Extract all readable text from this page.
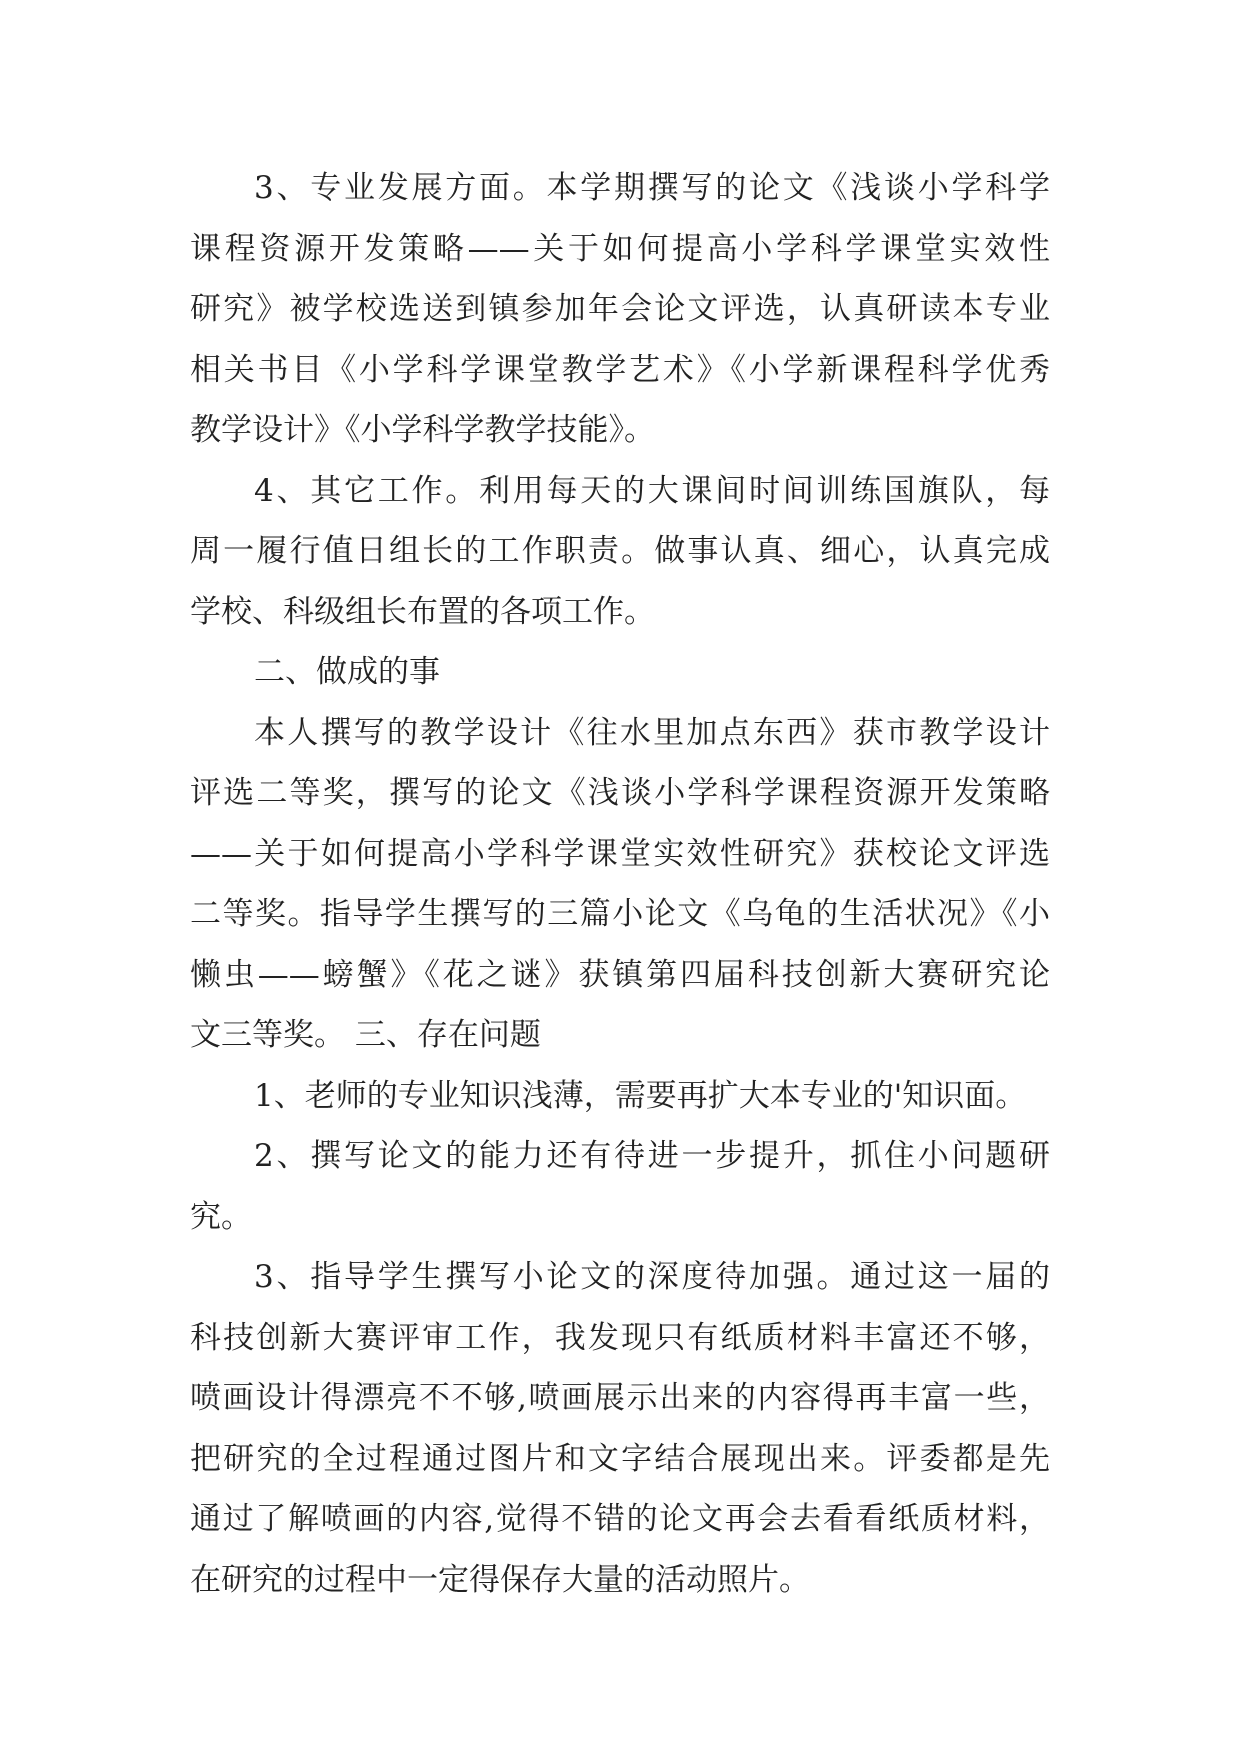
3、专业发展方面。本学期撰写的论文《浅谈小学科学
课程资源开发策略——关于如何提高小学科学课堂实效性
研究》被学校选送到镇参加年会论文评选，认真研读本专业
相关书目《小学科学课堂教学艺术》《小学新课程科学优秀
教学设计》《小学科学教学技能》。
4、其它工作。利用每天的大课间时间训练国旗队，每
周一履行值日组长的工作职责。做事认真、细心，认真完成
学校、科级组长布置的各项工作。
二、做成的事
本人撰写的教学设计《往水里加点东西》获市教学设计
评选二等奖，撰写的论文《浅谈小学科学课程资源开发策略
——关于如何提高小学科学课堂实效性研究》获校论文评选
二等奖。指导学生撰写的三篇小论文《乌龟的生活状况》《小
懒虫——螃蟹》《花之谜》获镇第四届科技创新大赛研究论
文三等奖。 三、存在问题
1、老师的专业知识浅薄，需要再扩大本专业的'知识面。
2、撰写论文的能力还有待进一步提升，抓住小问题研
究。
3、指导学生撰写小论文的深度待加强。通过这一届的
科技创新大赛评审工作，我发现只有纸质材料丰富还不够，
喷画设计得漂亮不不够,喷画展示出来的内容得再丰富一些，
把研究的全过程通过图片和文字结合展现出来。评委都是先
通过了解喷画的内容,觉得不错的论文再会去看看纸质材料，
在研究的过程中一定得保存大量的活动照片。
